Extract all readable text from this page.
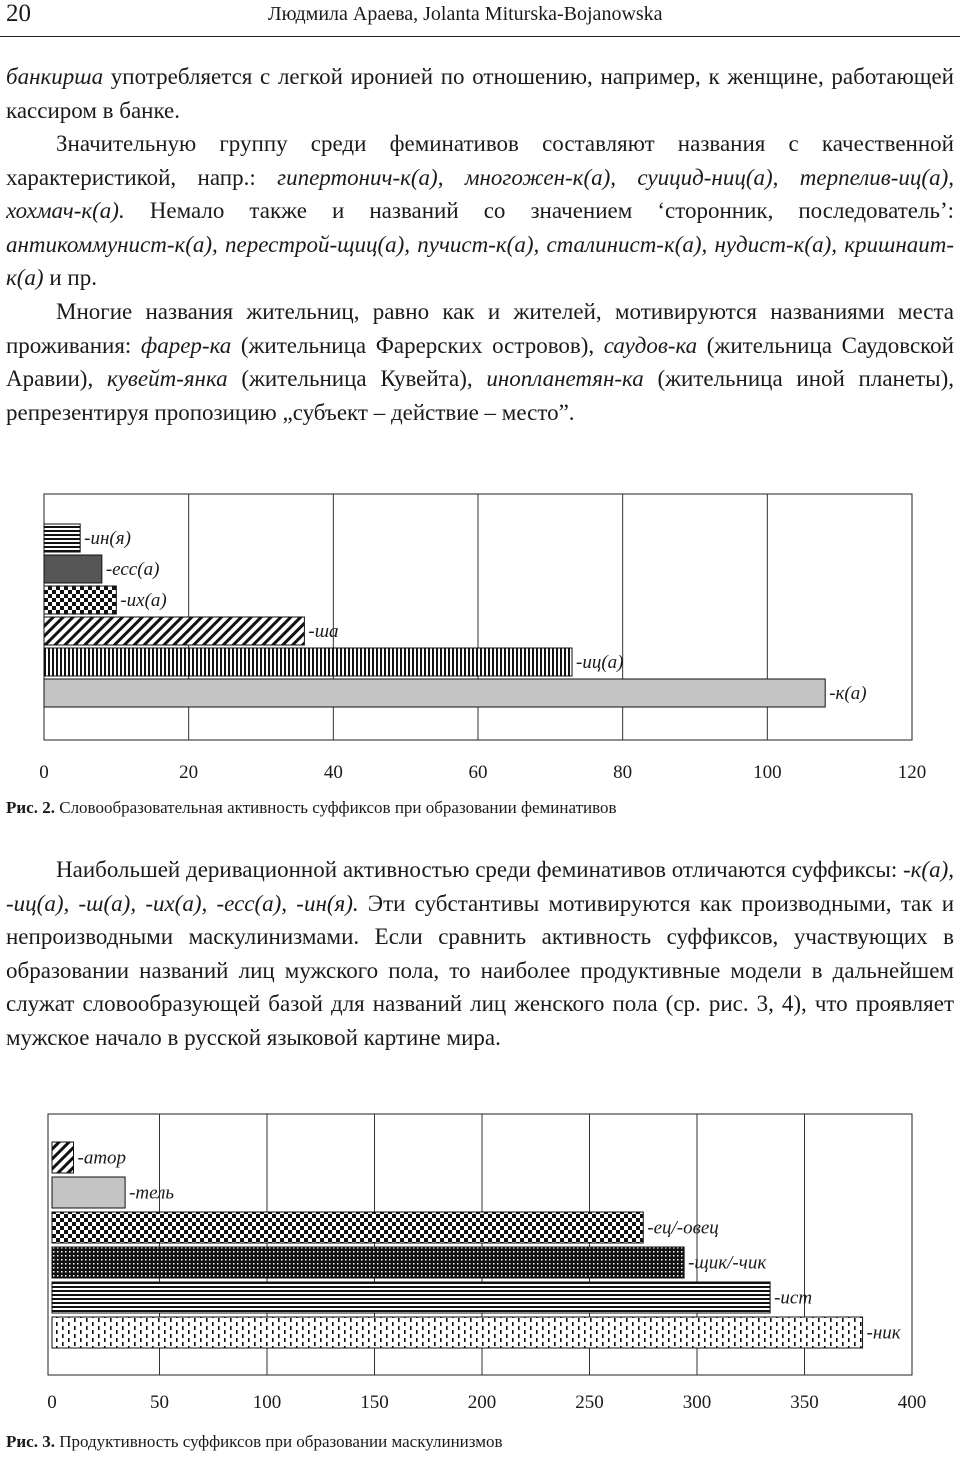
20	Людмила Араева, Jolanta Miturska-Bojanowska

банкирша употребляется с легкой иронией по отношению, например, к женщине, работающей кассиром в банке.

Значительную группу среди феминативов составляют названия с качественной характеристикой, напр.: гипертонич-к(а), многожен-к(а), суицид-ниц(а), терпелив-иц(а), хохмач-к(а). Немало также и названий со значением ‘сторонник, последователь’: антикоммунист-к(а), перестрой-щиц(а), пучист-к(а), сталинист-к(а), нудист-к(а), кришнаит-к(а) и пр.

Многие названия жительниц, равно как и жителей, мотивируются названиями места проживания: фарер-ка (жительница Фарерских островов), саудов-ка (жительница Саудовской Аравии), кувейт-янка (жительница Кувейта), инопланетян-ка (жительница иной планеты), репрезентируя пропозицию „субъект – действие – место”.

0	20	40	60	80	100	120
-ин(я)
-есс(а)
-их(а)
-ша
-иц(а)
-к(а)
Рис. 2. Словообразовательная активность суффиксов при образовании феминативов

Наибольшей деривационной активностью среди феминативов отличаются суффиксы: -к(а), -иц(а), -ш(а), -их(а), -есс(а), -ин(я). Эти субстантивы мотивируются как производными, так и непроизводными маскулинизмами. Если сравнить активность суффиксов, участвующих в образовании названий лиц мужского пола, то наиболее продуктивные модели в дальнейшем служат словообразующей базой для названий лиц женского пола (ср. рис. 3, 4), что проявляет мужское начало в русской языковой картине мира.

0	50	100	150	200	250	300	350	400
-атор
-тель
-ец/-овец
-щик/-чик
-ист
-ник
Рис. 3. Продуктивность суффиксов при образовании маскулинизмов
